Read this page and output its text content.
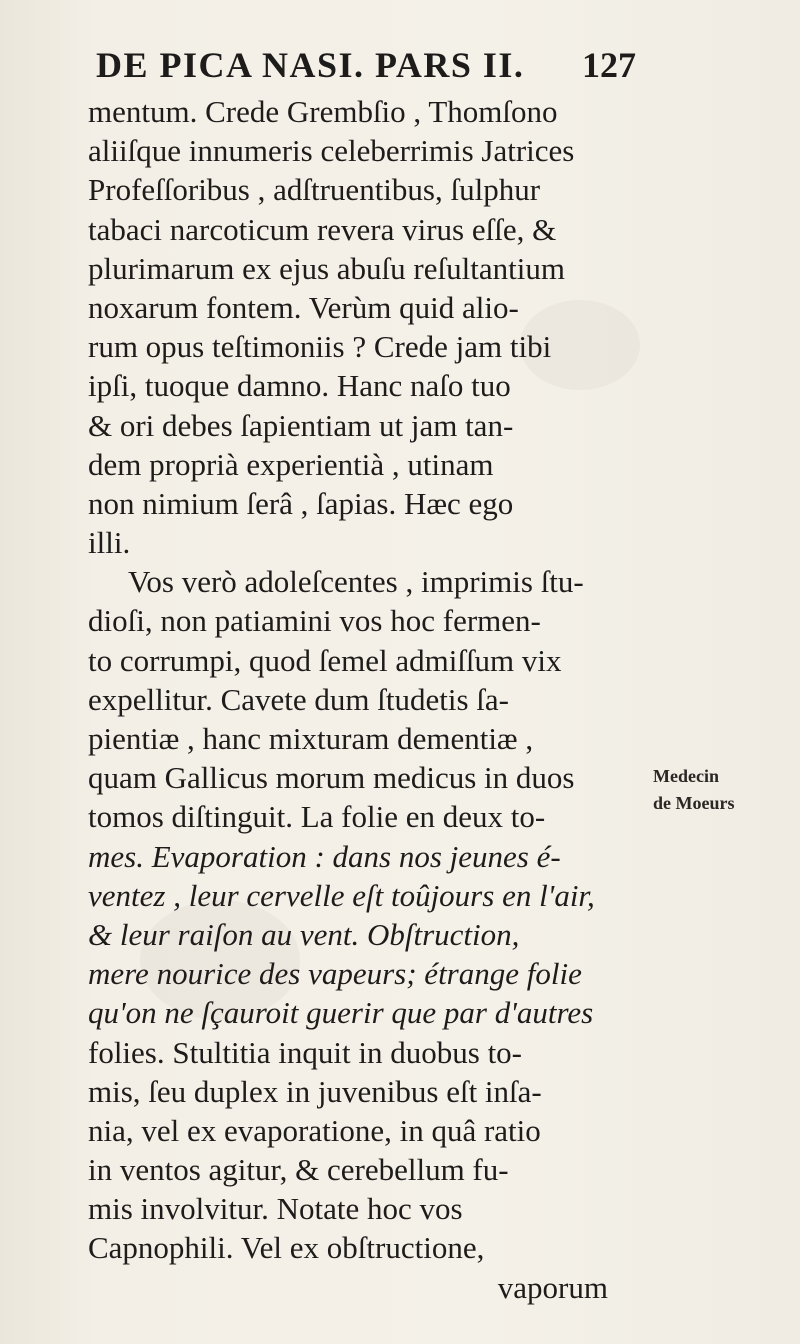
DE PICA NASI. PARS II.	127
mentum. Crede Grembſio , Thomſono
aliiſque innumeris celeberrimis Jatrices
Profeſſoribus , adſtruentibus, ſulphur
tabaci narcoticum revera virus eſſe, &
plurimarum ex ejus abuſu reſultantium
noxarum fontem. Verùm quid alio-
rum opus teſtimoniis ? Crede jam tibi
ipſi, tuoque damno. Hanc naſo tuo
& ori debes ſapientiam ut jam tan-
dem proprià experientià , utinam
non nimium ſerâ , ſapias. Hæc ego
illi.
Vos verò adoleſcentes , imprimis ſtu-
dioſi, non patiamini vos hoc fermen-
to corrumpi, quod ſemel admiſſum vix
expellitur. Cavete dum ſtudetis ſa-
pientiæ , hanc mixturam dementiæ ,
quam Gallicus morum medicus in duos
tomos diſtinguit. La folie en deux to-
mes. Evaporation : dans nos jeunes é-
ventez , leur cervelle eſt toûjours en l'air,
& leur raiſon au vent. Obſtruction,
mere nourice des vapeurs; étrange folie
qu'on ne ſçauroit guerir que par d'autres
folies. Stultitia inquit in duobus to-
mis, ſeu duplex in juvenibus eſt inſa-
nia, vel ex evaporatione, in quâ ratio
in ventos agitur, & cerebellum fu-
mis involvitur. Notate hoc vos
Capnophili. Vel ex obſtructione,
vaporum
Medecin
de Moeurs
